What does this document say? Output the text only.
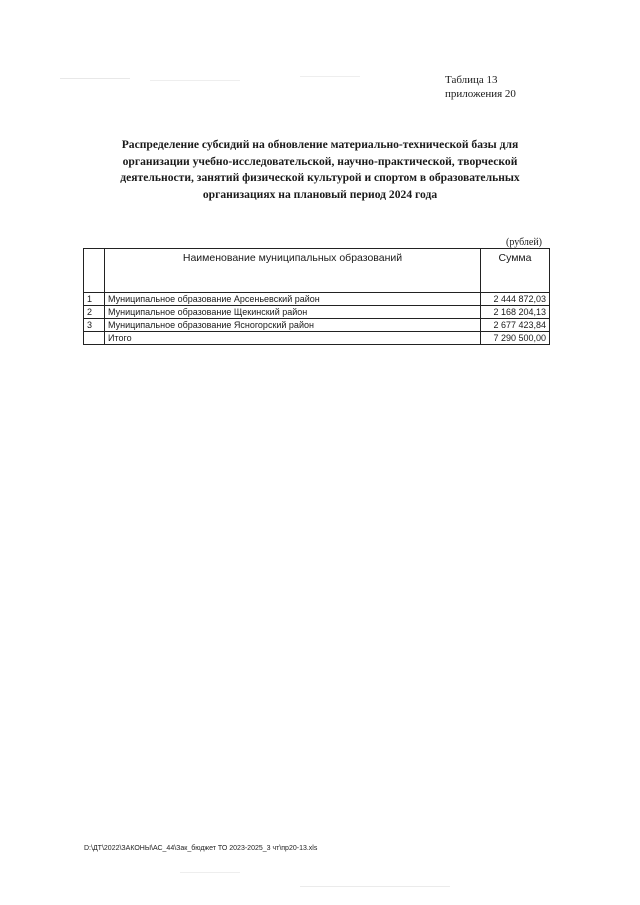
Таблица 13
приложения 20
Распределение субсидий на обновление материально-технической базы для организации учебно-исследовательской, научно-практической, творческой деятельности, занятий физической культурой и спортом в образовательных организациях на плановый период 2024 года
(рублей)
	Наименование муниципальных образований	Сумма
1	Муниципальное образование Арсеньевский район	2 444 872,03
2	Муниципальное образование Щекинский район	2 168 204,13
3	Муниципальное образование Ясногорский район	2 677 423,84
	Итого	7 290 500,00
D:\ДТ\2022\ЗАКОНЫ\АС_44\Зак_бюджет ТО 2023-2025_3 чт\пр20-13.xls
